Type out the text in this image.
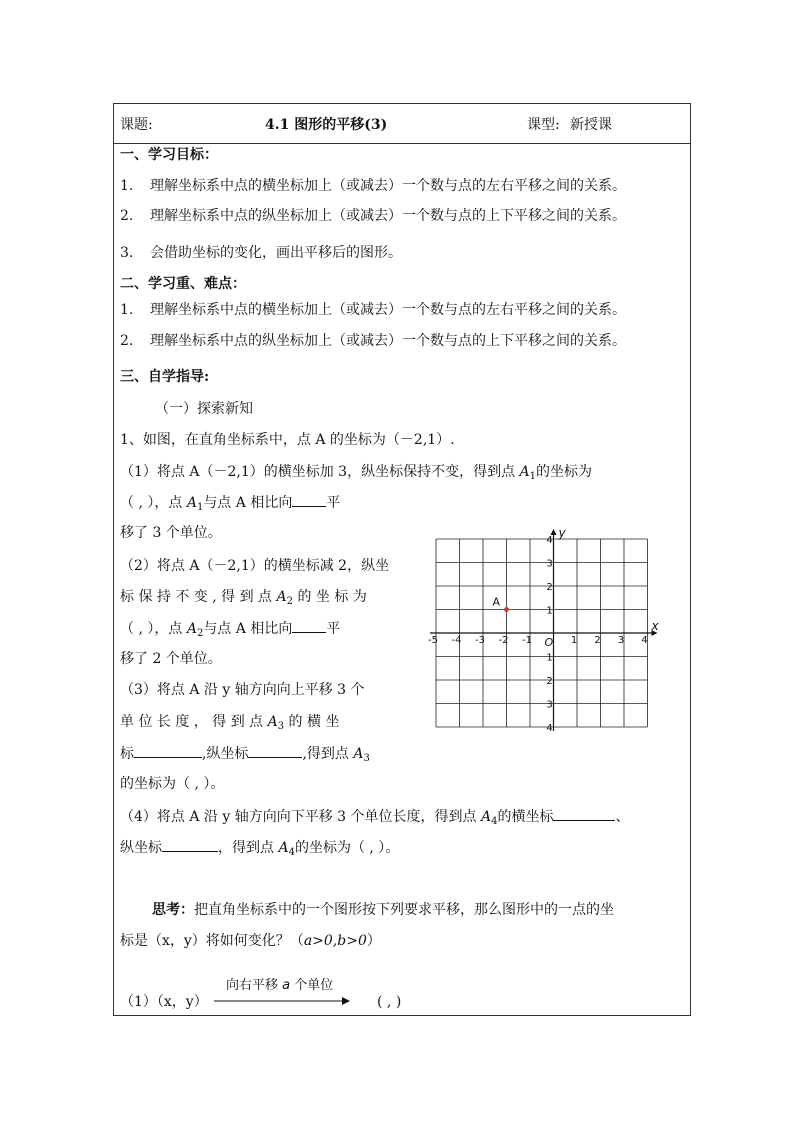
课题:	4.1 图形的平移(3)	课型: 新授课
一、学习目标：
1. 理解坐标系中点的横坐标加上（或减去）一个数与点的左右平移之间的关系。
2. 理解坐标系中点的纵坐标加上（或减去）一个数与点的上下平移之间的关系。
3. 会借助坐标的变化，画出平移后的图形。
二、学习重、难点：
1. 理解坐标系中点的横坐标加上（或减去）一个数与点的左右平移之间的关系。
2. 理解坐标系中点的纵坐标加上（或减去）一个数与点的上下平移之间的关系。
三、自学指导:
（一）探索新知
1、如图，在直角坐标系中，点 A 的坐标为（－2,1）.
（1）将点 A（－2,1）的横坐标加 3，纵坐标保持不变，得到点 $A_1$的坐标为
（ , ），点 $A_1$与点 A 相比向 平
移了 3 个单位。
（2）将点 A（－2,1）的横坐标减 2，纵坐
标 保 持 不 变 , 得 到 点 $A_2$ 的 坐 标 为
（ , ），点 $A_2$与点 A 相比向 平
移了 2 个单位。
（3）将点 A 沿 y 轴方向向上平移 3 个
单 位 长 度 ， 得 到 点 $A_3$ 的 横 坐
标	,纵坐标	,得到点 $A_3$
的坐标为（ , ）。
（4）将点 A 沿 y 轴方向向下平移 3 个单位长度，得到点 $A_4$的横坐标	、
纵坐标	，得到点 $A_4$的坐标为（ , ）。
思考：把直角坐标系中的一个图形按下列要求平移，那么图形中的一点的坐
标是（x，y）将如何变化？（a>0,b>0）
（1）（x，y）
向右平移 a 个单位
( , )
x
y
O
-5 -4 -3 -2 -1	1 2 3 4
4
3
2
1
1
2
3
4
A
